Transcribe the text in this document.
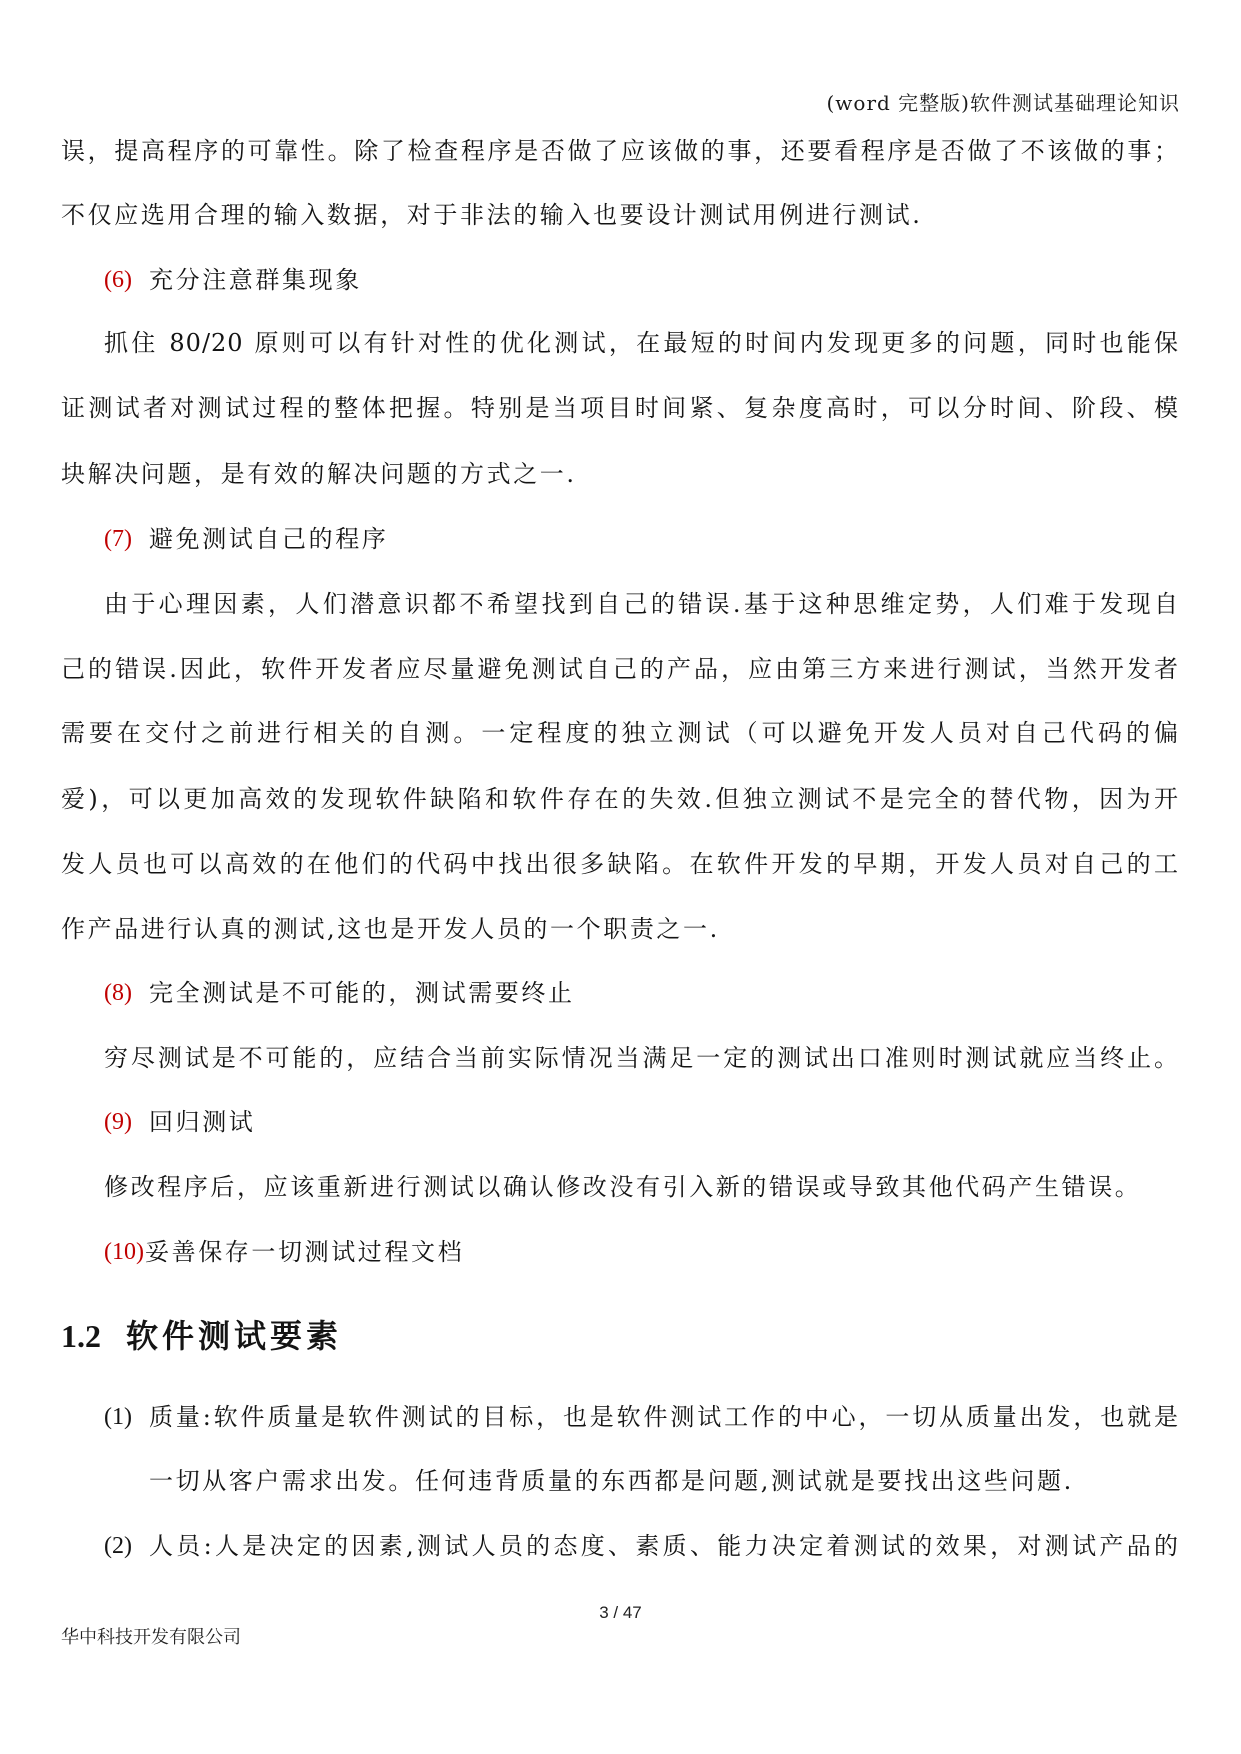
(word 完整版)软件测试基础理论知识
误，提高程序的可靠性。除了检查程序是否做了应该做的事，还要看程序是否做了不该做的事；
不仅应选用合理的输入数据，对于非法的输入也要设计测试用例进行测试.
(6) 充分注意群集现象
抓住 80/20 原则可以有针对性的优化测试，在最短的时间内发现更多的问题，同时也能保
证测试者对测试过程的整体把握。特别是当项目时间紧、复杂度高时，可以分时间、阶段、模
块解决问题，是有效的解决问题的方式之一.
(7) 避免测试自己的程序
由于心理因素，人们潜意识都不希望找到自己的错误.基于这种思维定势，人们难于发现自
己的错误.因此，软件开发者应尽量避免测试自己的产品，应由第三方来进行测试，当然开发者
需要在交付之前进行相关的自测。一定程度的独立测试（可以避免开发人员对自己代码的偏
爱)，可以更加高效的发现软件缺陷和软件存在的失效.但独立测试不是完全的替代物，因为开
发人员也可以高效的在他们的代码中找出很多缺陷。在软件开发的早期，开发人员对自己的工
作产品进行认真的测试,这也是开发人员的一个职责之一.
(8) 完全测试是不可能的，测试需要终止
穷尽测试是不可能的，应结合当前实际情况当满足一定的测试出口准则时测试就应当终止。
(9) 回归测试
修改程序后，应该重新进行测试以确认修改没有引入新的错误或导致其他代码产生错误。
(10) 妥善保存一切测试过程文档
1.2 软件测试要素
(1) 质量:软件质量是软件测试的目标，也是软件测试工作的中心，一切从质量出发，也就是
一切从客户需求出发。任何违背质量的东西都是问题,测试就是要找出这些问题.
(2) 人员:人是决定的因素,测试人员的态度、素质、能力决定着测试的效果，对测试产品的
3 / 47
华中科技开发有限公司
